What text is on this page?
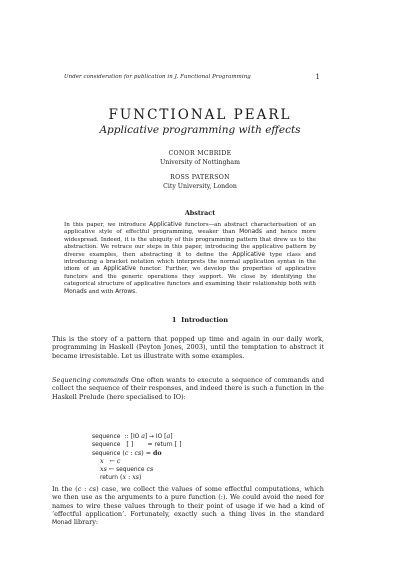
Under consideration for publication in J. Functional Programming	1
FUNCTIONAL PEARL
Applicative programming with effects
CONOR MCBRIDE
University of Nottingham
ROSS PATERSON
City University, London
Abstract
In this paper, we introduce Applicative functors—an abstract characterisation of an applicative style of effectful programming, weaker than Monads and hence more widespread. Indeed, it is the ubiquity of this programming pattern that drew us to the abstraction. We retrace our steps in this paper, introducing the applicative pattern by diverse examples, then abstracting it to define the Applicative type class and introducing a bracket notation which interprets the normal application syntax in the idiom of an Applicative functor. Further, we develop the properties of applicative functors and the generic operations they support. We close by identifying the categorical structure of applicative functors and examining their relationship both with Monads and with Arrows.
1 Introduction

This is the story of a pattern that popped up time and again in our daily work, programming in Haskell (Peyton Jones, 2003), until the temptation to abstract it became irresistable. Let us illustrate with some examples.

Sequencing commands One often wants to execute a sequence of commands and collect the sequence of their responses, and indeed there is such a function in the Haskell Prelude (here specialised to IO):

sequence  :: [IO a] → IO [a]
sequence   [ ]       = return [ ]
sequence (c : cs) = do
x   ← c
xs ← sequence cs
return (x : xs)

In the (c : cs) case, we collect the values of some effectful computations, which we then use as the arguments to a pure function (:). We could avoid the need for names to wire these values through to their point of usage if we had a kind of ‘effectful application’. Fortunately, exactly such a thing lives in the standard Monad library:
